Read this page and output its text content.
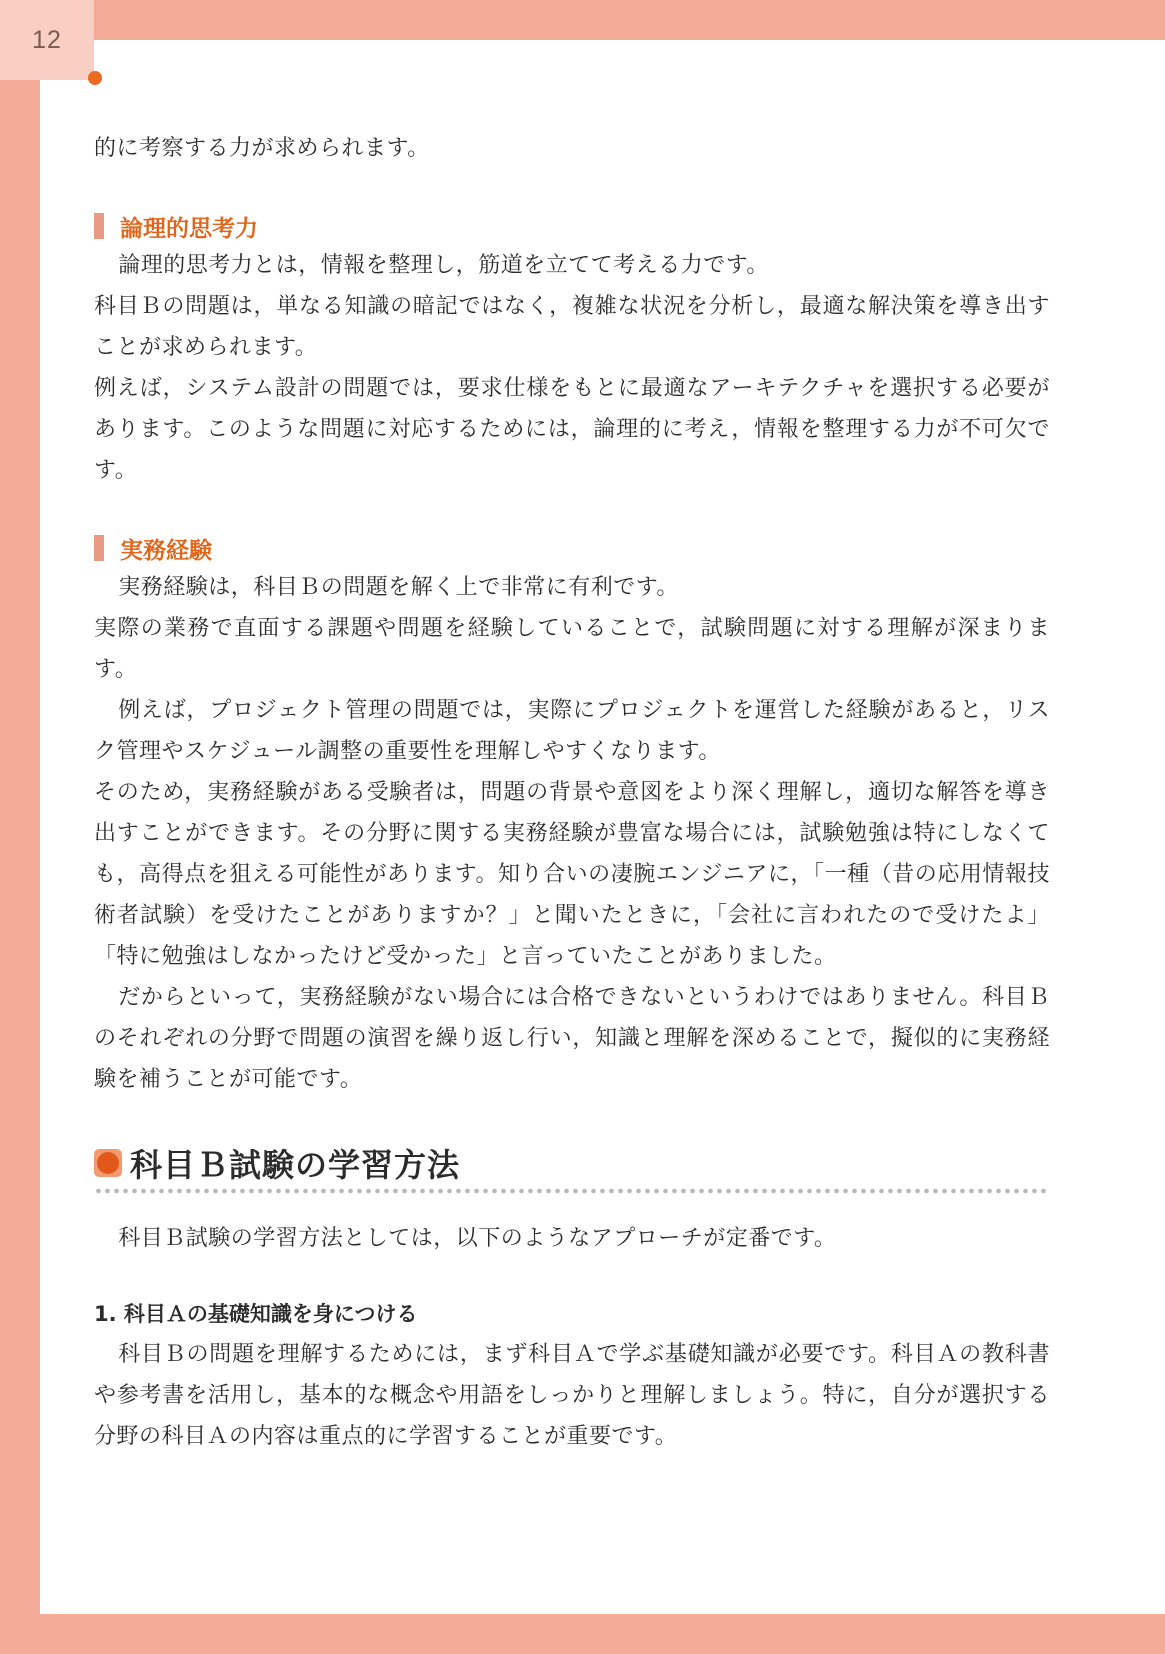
12

的に考察する力が求められます。

論理的思考力

論理的思考力とは，情報を整理し，筋道を立てて考える力です。

科目Ｂの問題は，単なる知識の暗記ではなく，複雑な状況を分析し，最適な解決策を導き出すことが求められます。

例えば，システム設計の問題では，要求仕様をもとに最適なアーキテクチャを選択する必要があります。このような問題に対応するためには，論理的に考え，情報を整理する力が不可欠です。

実務経験

実務経験は，科目Ｂの問題を解く上で非常に有利です。

実際の業務で直面する課題や問題を経験していることで，試験問題に対する理解が深まります。

例えば，プロジェクト管理の問題では，実際にプロジェクトを運営した経験があると，リスク管理やスケジュール調整の重要性を理解しやすくなります。

そのため，実務経験がある受験者は，問題の背景や意図をより深く理解し，適切な解答を導き出すことができます。その分野に関する実務経験が豊富な場合には，試験勉強は特にしなくても，高得点を狙える可能性があります。知り合いの凄腕エンジニアに，「一種（昔の応用情報技術者試験）を受けたことがありますか？」と聞いたときに，「会社に言われたので受けたよ」「特に勉強はしなかったけど受かった」と言っていたことがありました。

だからといって，実務経験がない場合には合格できないというわけではありません。科目Ｂのそれぞれの分野で問題の演習を繰り返し行い，知識と理解を深めることで，擬似的に実務経験を補うことが可能です。

科目Ｂ試験の学習方法

科目Ｂ試験の学習方法としては，以下のようなアプローチが定番です。

1. 科目Ａの基礎知識を身につける

科目Ｂの問題を理解するためには，まず科目Ａで学ぶ基礎知識が必要です。科目Ａの教科書や参考書を活用し，基本的な概念や用語をしっかりと理解しましょう。特に，自分が選択する分野の科目Ａの内容は重点的に学習することが重要です。
